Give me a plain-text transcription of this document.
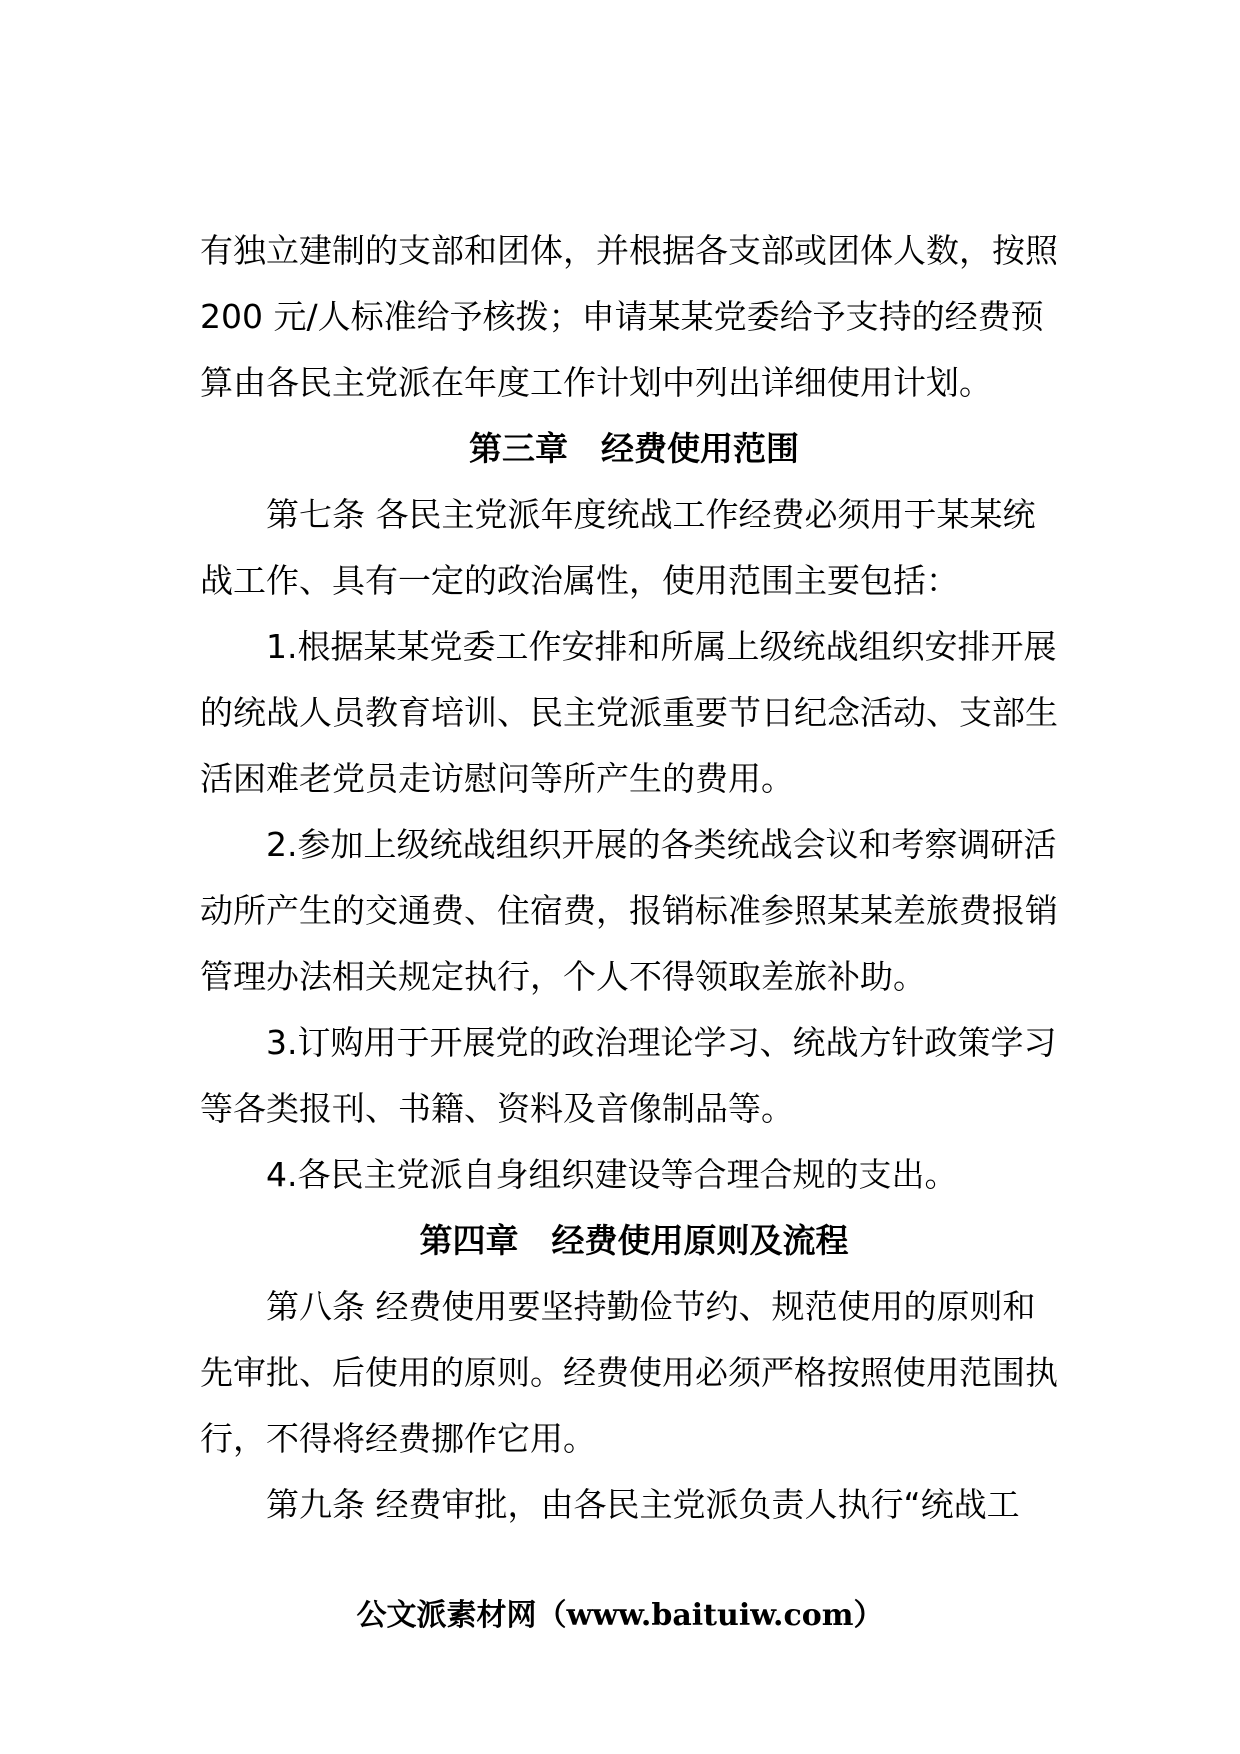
有独立建制的支部和团体，并根据各支部或团体人数，按照
200 元/人标准给予核拨；申请某某党委给予支持的经费预
算由各民主党派在年度工作计划中列出详细使用计划。
第三章　经费使用范围
第七条 各民主党派年度统战工作经费必须用于某某统
战工作、具有一定的政治属性，使用范围主要包括：
1.根据某某党委工作安排和所属上级统战组织安排开展
的统战人员教育培训、民主党派重要节日纪念活动、支部生
活困难老党员走访慰问等所产生的费用。
2.参加上级统战组织开展的各类统战会议和考察调研活
动所产生的交通费、住宿费，报销标准参照某某差旅费报销
管理办法相关规定执行，个人不得领取差旅补助。
3.订购用于开展党的政治理论学习、统战方针政策学习
等各类报刊、书籍、资料及音像制品等。
4.各民主党派自身组织建设等合理合规的支出。
第四章　经费使用原则及流程
第八条 经费使用要坚持勤俭节约、规范使用的原则和
先审批、后使用的原则。经费使用必须严格按照使用范围执
行，不得将经费挪作它用。
第九条 经费审批，由各民主党派负责人执行“统战工
公文派素材网（www.baituiw.com）
